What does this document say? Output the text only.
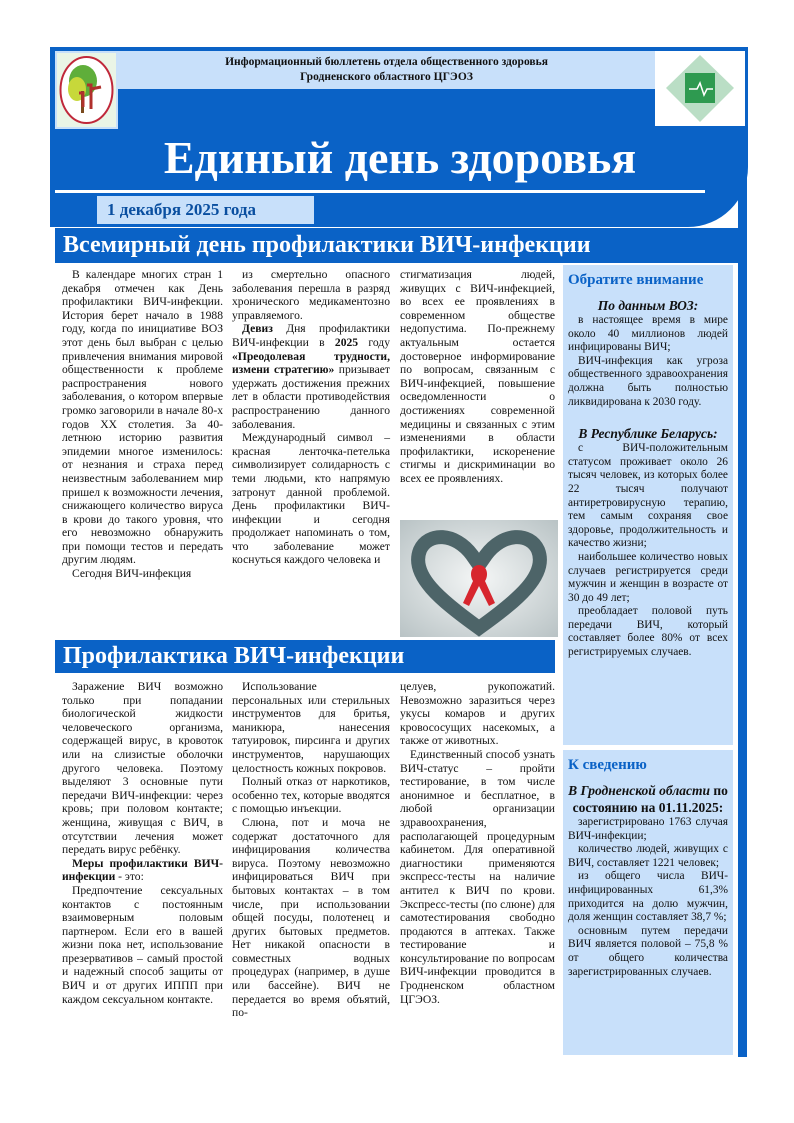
Информационный бюллетень отдела общественного здоровья
Гродненского областного ЦГЭОЗ
Единый день здоровья
1 декабря 2025 года
Всемирный день профилактики ВИЧ-инфекции

В календаре многих стран 1 декабря отмечен как День профилактики ВИЧ-инфекции. История берет начало в 1988 году, когда по инициативе ВОЗ этот день был выбран с целью привлечения внимания мировой общественности к проблеме распространения нового заболевания, о котором впервые громко заговорили в начале 80-х годов XX столетия. За 40-летнюю историю развития эпидемии многое изменилось: от незнания и страха перед неизвестным заболеванием мир пришел к возможности лечения, снижающего количество вируса в крови до такого уровня, что его невозможно обнаружить при помощи тестов и передать другим людям.

Сегодня ВИЧ-инфекция

из смертельно опасного заболевания перешла в разряд хронического медикаментозно управляемого.

Девиз Дня профилактики ВИЧ-инфекции в 2025 году «Преодолевая трудности, измени стратегию» призывает удержать достижения прежних лет в области противодействия распространению данного заболевания.

Международный символ – красная ленточка-петелька символизирует солидарность с теми людьми, кто напрямую затронут данной проблемой. День профилактики ВИЧ-инфекции и сегодня продолжает напоминать о том, что заболевание может коснуться каждого человека и

стигматизация людей, живущих с ВИЧ-инфекцией, во всех ее проявлениях в современном обществе недопустима. По-прежнему актуальным остается достоверное информирование по вопросам, связанным с ВИЧ-инфекцией, повышение осведомленности о достижениях современной медицины и связанных с этим изменениями в области профилактики, искоренение стигмы и дискриминации во всех ее проявлениях.

Профилактика ВИЧ-инфекции

Заражение ВИЧ возможно только при попадании биологической жидкости человеческого организма, содержащей вирус, в кровоток или на слизистые оболочки другого человека. Поэтому выделяют 3 основные пути передачи ВИЧ-инфекции: через кровь; при половом контакте; женщина, живущая с ВИЧ, в отсутствии лечения может передать вирус ребёнку.

Меры профилактики ВИЧ-инфекции - это:

Предпочтение сексуальных контактов с постоянным взаимоверным половым партнером. Если его в вашей жизни пока нет, использование презервативов – самый простой и надежный способ защиты от ВИЧ и от других ИППП при каждом сексуальном контакте.

Использование персональных или стерильных инструментов для бритья, маникюра, нанесения татуировок, пирсинга и других инструментов, нарушающих целостность кожных покровов.

Полный отказ от наркотиков, особенно тех, которые вводятся с помощью инъекции.

Слюна, пот и моча не содержат достаточного для инфицирования количества вируса. Поэтому невозможно инфицироваться ВИЧ при бытовых контактах – в том числе, при использовании общей посуды, полотенец и других бытовых предметов. Нет никакой опасности в совместных водных процедурах (например, в душе или бассейне). ВИЧ не передается во время объятий, по-

целуев, рукопожатий. Невозможно заразиться через укусы комаров и других кровососущих насекомых, а также от животных.

Единственный способ узнать ВИЧ-статус – пройти тестирование, в том числе анонимное и бесплатное, в любой организации здравоохранения, располагающей процедурным кабинетом. Для оперативной диагностики применяются экспресс-тесты на наличие антител к ВИЧ по крови. Экспресс-тесты (по слюне) для самотестирования свободно продаются в аптеках. Также тестирование и консультирование по вопросам ВИЧ-инфекции проводится в Гродненском областном ЦГЭОЗ.

Обратите внимание
По данным ВОЗ:

в настоящее время в мире около 40 миллионов людей инфицированы ВИЧ;

ВИЧ-инфекция как угроза общественного здравоохранения должна быть полностью ликвидирована к 2030 году.

В Республике Беларусь:

с ВИЧ-положительным статусом проживает около 26 тысяч человек, из которых более 22 тысяч получают антиретровирусную терапию, тем самым сохраняя свое здоровье, продолжительность и качество жизни;

наибольшее количество новых случаев регистрируется среди мужчин и женщин в возрасте от 30 до 49 лет;

преобладает половой путь передачи ВИЧ, который составляет более 80% от всех регистрируемых случаев.

К сведению
В Гродненской области по состоянию на 01.11.2025:

зарегистрировано 1763 случая ВИЧ-инфекции;

количество людей, живущих с ВИЧ, составляет 1221 человек;

из общего числа ВИЧ-инфицированных 61,3% приходится на долю мужчин, доля женщин составляет 38,7 %;

основным путем передачи ВИЧ является половой – 75,8 % от общего количества зарегистрированных случаев.
